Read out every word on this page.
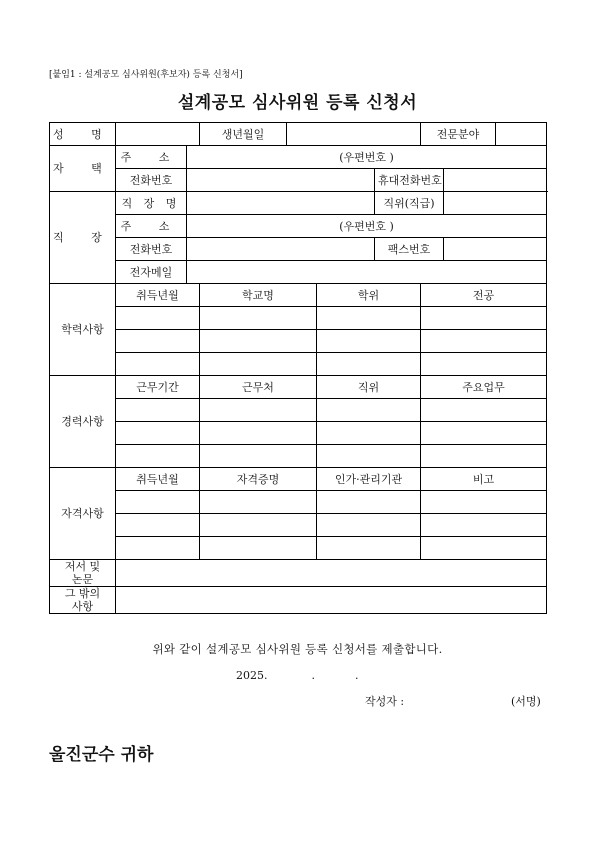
[붙임1 : 설계공모 심사위원(후보자) 등록 신청서]
설계공모 심사위원 등록 신청서
성 명			생년월일				전문분야		
자 택	주 소	(우편번호 )							
	전화번호					휴대전화번호			
직 장	직 장 명					직위(직급)			
	주 소	(우편번호 )							
	전화번호					팩스번호			
	전자메일								
학력사항	취득년월		학교명		학위		전공		

경력사항	근무기간		근무처		직위		주요업무		

자격사항	취득년월		자격증명		인가·관리기관		비고		

저서 및
논문									
그 밖의
사항									
위와 같이 설계공모 심사위원 등록 신청서를 제출합니다.
2025.	.	.
작성자 :	(서명)
울진군수 귀하
